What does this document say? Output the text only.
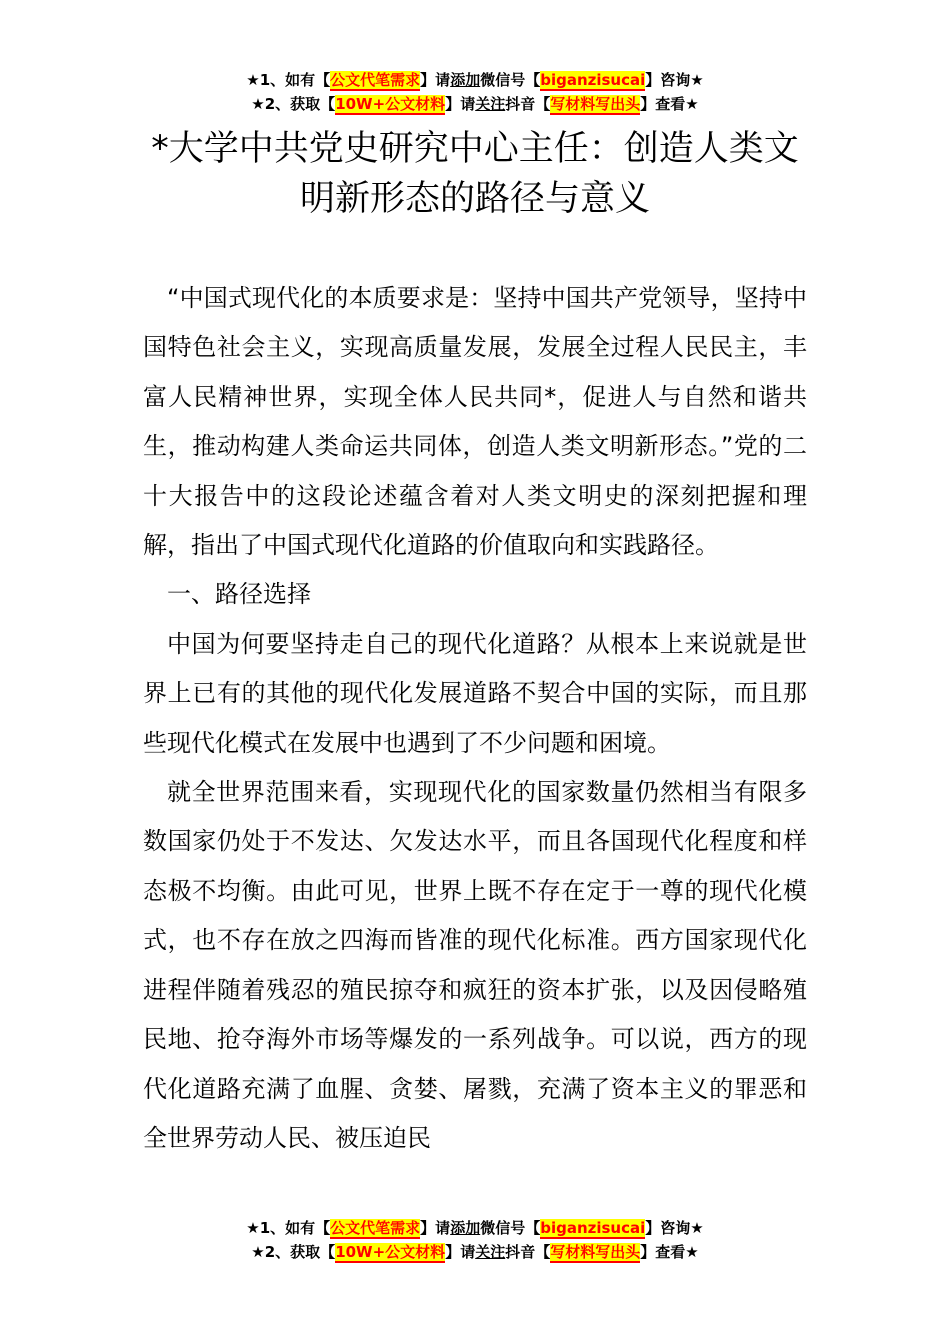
★1、如有【公文代笔需求】请添加微信号【biganzisucai】咨询★
★2、获取【10W+公文材料】请关注抖音【写材料写出头】查看★
*大学中共党史研究中心主任：创造人类文明新形态的路径与意义

“中国式现代化的本质要求是：坚持中国共产党领导，坚持中国特色社会主义，实现高质量发展，发展全过程人民民主，丰富人民精神世界，实现全体人民共同*，促进人与自然和谐共生，推动构建人类命运共同体，创造人类文明新形态。”党的二十大报告中的这段论述蕴含着对人类文明史的深刻把握和理解，指出了中国式现代化道路的价值取向和实践路径。

一、路径选择

中国为何要坚持走自己的现代化道路？从根本上来说就是世界上已有的其他的现代化发展道路不契合中国的实际，而且那些现代化模式在发展中也遇到了不少问题和困境。

就全世界范围来看，实现现代化的国家数量仍然相当有限多数国家仍处于不发达、欠发达水平，而且各国现代化程度和样态极不均衡。由此可见，世界上既不存在定于一尊的现代化模式，也不存在放之四海而皆准的现代化标准。西方国家现代化进程伴随着残忍的殖民掠夺和疯狂的资本扩张，以及因侵略殖民地、抢夺海外市场等爆发的一系列战争。可以说，西方的现代化道路充满了血腥、贪婪、屠戮，充满了资本主义的罪恶和全世界劳动人民、被压迫民

★1、如有【公文代笔需求】请添加微信号【biganzisucai】咨询★
★2、获取【10W+公文材料】请关注抖音【写材料写出头】查看★
